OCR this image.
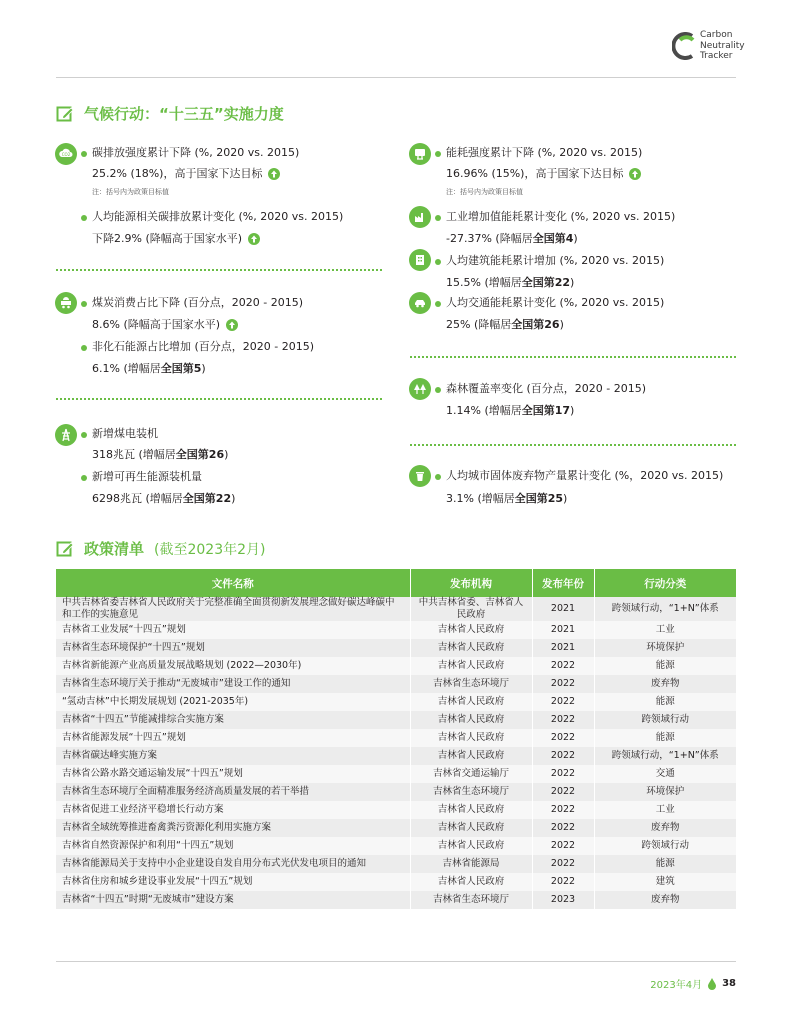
Carbon
Neutrality
Tracker
气候行动：“十三五”实施力度
CO2 碳排放强度累计下降 (%, 2020 vs. 2015)
25.2% (18%)，高于国家下达目标
注：括号内为政策目标值
人均能源相关碳排放累计变化 (%, 2020 vs. 2015)
下降2.9% (降幅高于国家水平)
煤炭消费占比下降 (百分点，2020 - 2015)
8.6% (降幅高于国家水平)
非化石能源占比增加 (百分点，2020 - 2015)
6.1% (增幅居全国第5)
新增煤电装机
318兆瓦 (增幅居全国第26)
新增可再生能源装机量
6298兆瓦 (增幅居全国第22)
能耗强度累计下降 (%, 2020 vs. 2015)
16.96% (15%)，高于国家下达目标
注：括号内为政策目标值
工业增加值能耗累计变化 (%, 2020 vs. 2015)
-27.37% (降幅居全国第4)
人均建筑能耗累计增加 (%, 2020 vs. 2015)
15.5% (增幅居全国第22)
人均交通能耗累计变化 (%, 2020 vs. 2015)
25% (降幅居全国第26)
森林覆盖率变化 (百分点，2020 - 2015)
1.14% (增幅居全国第17)
人均城市固体废弃物产量累计变化 (%，2020 vs. 2015)
3.1% (增幅居全国第25)
政策清单 (截至2023年2月)
文件名称	发布机构	发布年份	行动分类
中共吉林省委吉林省人民政府关于完整准确全面贯彻新发展理念做好碳达峰碳中和工作的实施意见	中共吉林省委、吉林省人民政府	2021	跨领域行动，“1+N”体系
吉林省工业发展“十四五”规划	吉林省人民政府	2021	工业
吉林省生态环境保护“十四五”规划	吉林省人民政府	2021	环境保护
吉林省新能源产业高质量发展战略规划 (2022—2030年)	吉林省人民政府	2022	能源
吉林省生态环境厅关于推动“无废城市”建设工作的通知	吉林省生态环境厅	2022	废弃物
“氢动吉林”中长期发展规划 (2021-2035年)	吉林省人民政府	2022	能源
吉林省“十四五”节能减排综合实施方案	吉林省人民政府	2022	跨领域行动
吉林省能源发展“十四五”规划	吉林省人民政府	2022	能源
吉林省碳达峰实施方案	吉林省人民政府	2022	跨领域行动，“1+N”体系
吉林省公路水路交通运输发展“十四五”规划	吉林省交通运输厅	2022	交通
吉林省生态环境厅全面精准服务经济高质量发展的若干举措	吉林省生态环境厅	2022	环境保护
吉林省促进工业经济平稳增长行动方案	吉林省人民政府	2022	工业
吉林省全域统筹推进畜禽粪污资源化利用实施方案	吉林省人民政府	2022	废弃物
吉林省自然资源保护和利用“十四五”规划	吉林省人民政府	2022	跨领域行动
吉林省能源局关于支持中小企业建设自发自用分布式光伏发电项目的通知	吉林省能源局	2022	能源
吉林省住房和城乡建设事业发展“十四五”规划	吉林省人民政府	2022	建筑
吉林省“十四五”时期“无废城市”建设方案	吉林省生态环境厅	2023	废弃物
2023年4月 38
